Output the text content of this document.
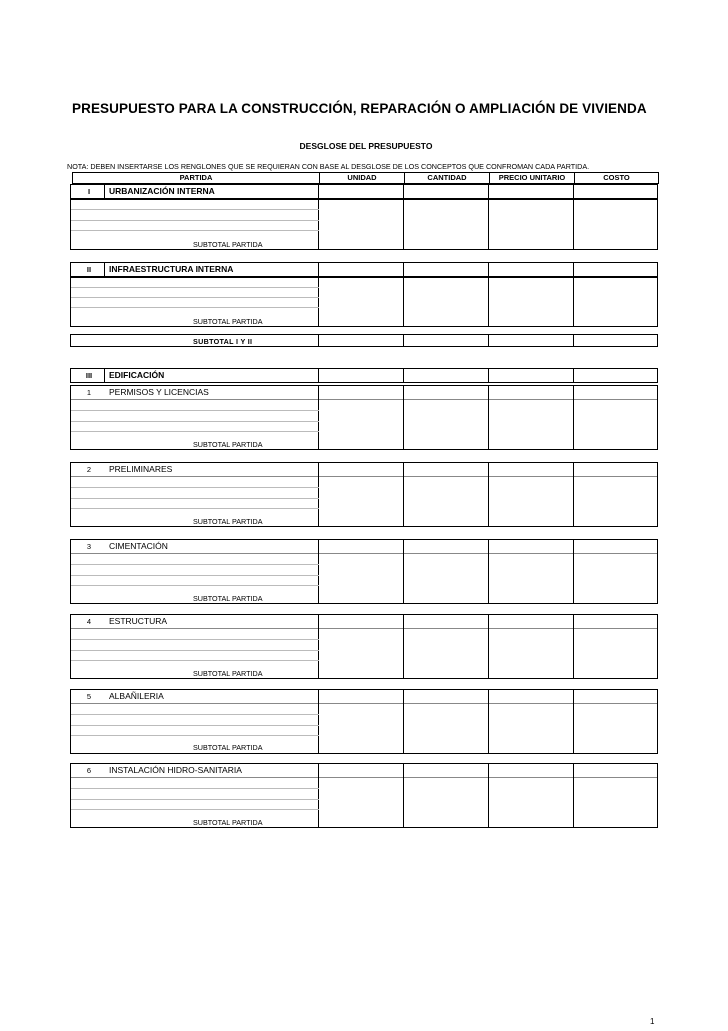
PRESUPUESTO PARA LA CONSTRUCCIÓN, REPARACIÓN O AMPLIACIÓN DE VIVIENDA
DESGLOSE DEL PRESUPUESTO
NOTA: DEBEN INSERTARSE LOS RENGLONES QUE SE REQUIERAN CON BASE AL DESGLOSE DE LOS CONCEPTOS QUE CONFROMAN CADA PARTIDA.
PARTIDA	UNIDAD	CANTIDAD	PRECIO UNITARIO	COSTO
I	URBANIZACIÓN INTERNA
SUBTOTAL PARTIDA
II	INFRAESTRUCTURA INTERNA
SUBTOTAL PARTIDA
SUBTOTAL I Y II
III	EDIFICACIÓN
1	PERMISOS Y LICENCIAS
SUBTOTAL PARTIDA
2	PRELIMINARES
SUBTOTAL PARTIDA
3	CIMENTACIÓN
SUBTOTAL PARTIDA
4	ESTRUCTURA
SUBTOTAL PARTIDA
5	ALBAÑILERIA
SUBTOTAL PARTIDA
6	INSTALACIÓN HIDRO-SANITARIA
SUBTOTAL PARTIDA
1
